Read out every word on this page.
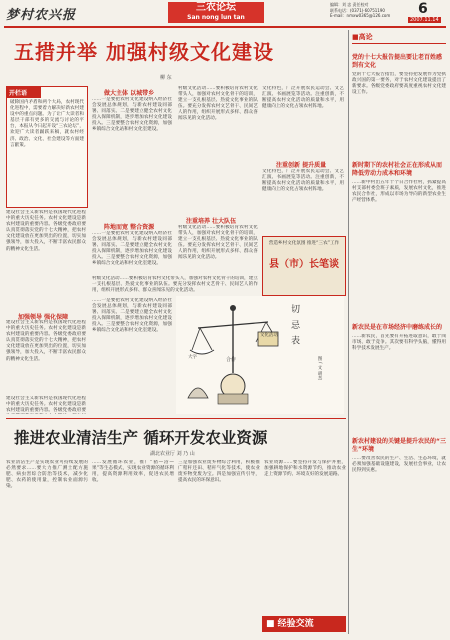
梦村农兴报
三农论坛
San nong lun tan
编辑：刘 忠 责任校对
联系电话：(0371)·60751190
E-mail：nmxw0365@126.com	6
2007.11.14
五措并举 加强村级文化建设
柳 东
开栏语
破除国内矛盾和两个大局，农村现代化进程中，需要着力解决好新农村建设中的重点问题。为了让广大读者和基层干部有更多的交流与讨论的平台，本报从今日起开设“三农论坛”，欢迎广大读者踊跃来稿，就农村经济、政治、文化、社会建设等方面建言献策。
建设社会主义新农村是我国现代化进程中的重大历史任务。农村文化建设是新农村建设的重要内容。各级党委政府要认真贯彻落实党的十七大精神，把农村文化建设放在更加突出的位置，切实加强领导，加大投入，不断丰富农民群众的精神文化生活。
加强领导 强化保障
建设社会主义新农村是我国现代化进程中的重大历史任务。农村文化建设是新农村建设的重要内容。各级党委政府要认真贯彻落实党的十七大精神，把农村文化建设放在更加突出的位置，切实加强领导，加大投入，不断丰富农民群众的精神文化生活。
做大主体 以城带乡
……一是要把农村文化建设纳入经济社会发展总体规划，与新农村建设同部署、同落实。二是要建立健全农村文化投入保障机制，逐步增加农村文化建设投入。三是要整合农村文化资源，加强乡镇综合文化站和村文化室建设。
阵地而宽 整合资源
……一是要把农村文化建设纳入经济社会发展总体规划，与新农村建设同部署、同落实。二是要建立健全农村文化投入保障机制，逐步增加农村文化建设投入。三是要整合农村文化资源，加强乡镇综合文化站和村文化室建设。
村级文化活动……要积极培育农村文化带头人，加强对农村文化骨干的培训，建立一支扎根基层、热爱文化事业的队伍。要充分发挥农村文艺骨干、民间艺人的作用，组织开展形式多样、群众喜闻乐见的文化活动。
注重培养 壮大队伍
村级文化活动……要积极培育农村文化带头人，加强对农村文化骨干的培训，建立一支扎根基层、热爱文化事业的队伍。要充分发挥农村文艺骨干、民间艺人的作用，组织开展形式多样、群众喜闻乐见的文化活动。
文化特色，广泛开展农民运动会、文艺汇演、书画展览等活动。注重创新，不断提高农村文化活动的质量和水平，用健康向上的文化占领农村阵地。
注重创新 提升质量
文化特色，广泛开展农民运动会、文艺汇演、书画展览等活动。注重创新，不断提高农村文化活动的质量和水平，用健康向上的文化占领农村阵地。
营造乡村文化氛围 推进“三农”工作
县（市）长笔谈
村级文化活动……要积极培育农村文化带头人，加强对农村文化骨干的培训，建立一支扎根基层、热爱文化事业的队伍。要充分发挥农村文艺骨干、民间艺人的作用，组织开展形式多样、群众喜闻乐见的文化活动。
切 忌 表
合作
文化活动
大字	图 / 文 胡杰
……一是要把农村文化建设纳入经济社会发展总体规划，与新农村建设同部署、同落实。二是要建立健全农村文化投入保障机制，逐步增加农村文化建设投入。三是要整合农村文化资源，加强乡镇综合文化站和村文化室建设。
建设社会主义新农村是我国现代化进程中的重大历史任务。农村文化建设是新农村建设的重要内容。各级党委政府要
■高论
党的十七大报告提出要让老百姓感到有文化
党的十七大报告指出，要坚持把发展作为党执政兴国的第一要务，对于农村文化建设提出了新要求。各级党委政府要高度重视农村文化建设工作。
新时期下的农村社会正在形成从而降低劳动力成本和环境
……新中村出五年十个日合作社村，抓紧提高村支部村委会班子素质，发展农村文化，推进农民合作社，形成以市场为导向的新型农业生产经营体系。
新农民是在市场经济中磨练成长的
……新农民，首先要有开拓进取意识，敢于闯市场、敢于竞争。其次要有科学头脑，懂得用科学技术发展生产。
新农村建设的关键是提升农民的“三生”环境
……要改善农民的生产、生活、生态环境，就必须加强基础设施建设，发展社会事业，让农民得到实惠。
推进农业清洁生产 循环开发农业资源
湖北农业厅 刘 乃 山
农业清洁生产是实现农业可持续发展的必然要求……要大力推广测土配方施肥、病虫害综合防治等技术，减少化肥、农药的使用量，控制农业面源污染。
……发展循环农业，推广“猪—沼—果”等生态模式，实现农业资源的循环利用，提高资源利用效率，促进农民增收。
三是加强农业废弃物综合利用，积极推广秸秆还田、秸秆气化等技术，使农业废弃物变废为宝。四是加强宣传引导，提高农民的环保意识。
农业资源……要坚持开发与保护并重，加强耕地保护和水资源节约，推动农业走上资源节约、环境友好的发展道路。
■ 经验交流
